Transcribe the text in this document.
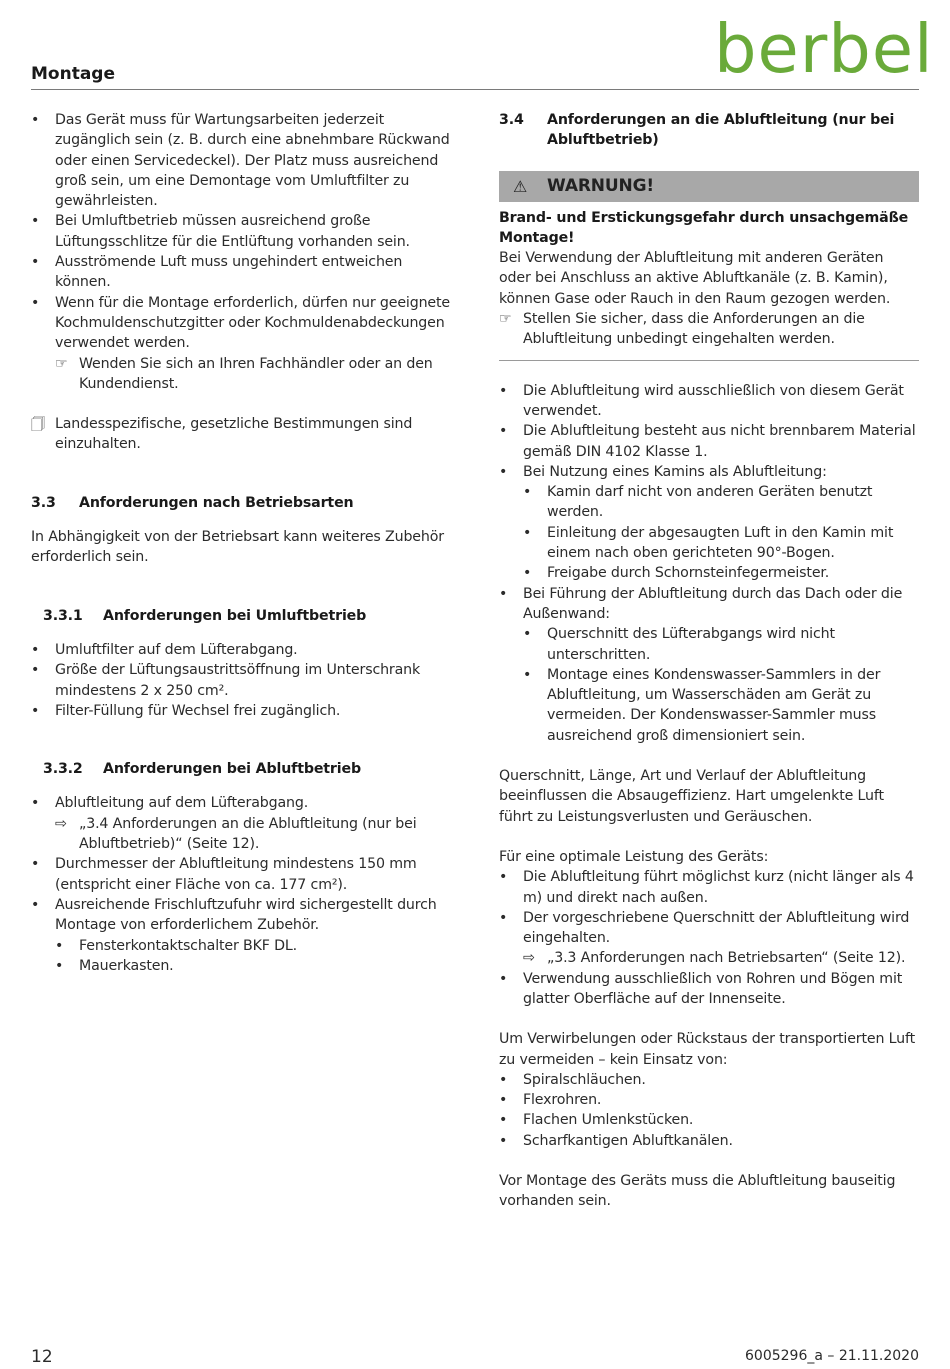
Montage	berbel
• Das Gerät muss für Wartungsarbeiten jederzeit zugänglich sein (z. B. durch eine abnehmbare Rückwand oder einen Servicedeckel). Der Platz muss ausreichend groß sein, um eine Demontage vom Umluftfilter zu gewährleisten.
• Bei Umluftbetrieb müssen ausreichend große Lüftungsschlitze für die Entlüftung vorhanden sein.
• Ausströmende Luft muss ungehindert entweichen können.
• Wenn für die Montage erforderlich, dürfen nur geeignete Kochmuldenschutzgitter oder Kochmuldenabdeckungen verwendet werden.
☞ Wenden Sie sich an Ihren Fachhändler oder an den Kundendienst.
🗍 Landesspezifische, gesetzliche Bestimmungen sind einzuhalten.
3.3 Anforderungen nach Betriebsarten

In Abhängigkeit von der Betriebsart kann weiteres Zubehör erforderlich sein.

3.3.1 Anforderungen bei Umluftbetrieb
• Umluftfilter auf dem Lüfterabgang.
• Größe der Lüftungsaustrittsöffnung im Unterschrank mindestens 2 x 250 cm².
• Filter-Füllung für Wechsel frei zugänglich.
3.3.2 Anforderungen bei Abluftbetrieb
• Abluftleitung auf dem Lüfterabgang.
⇨ „3.4 Anforderungen an die Abluftleitung (nur bei Abluftbetrieb)“ (Seite 12).
• Durchmesser der Abluftleitung mindestens 150 mm (entspricht einer Fläche von ca. 177 cm²).
• Ausreichende Frischluftzufuhr wird sichergestellt durch Montage von erforderlichem Zubehör.
• Fensterkontaktschalter BKF DL.
• Mauerkasten.
3.4	Anforderungen an die Abluftleitung (nur bei Abluftbetrieb)
⚠ WARNUNG!
Brand- und Erstickungsgefahr durch unsachgemäße Montage!
Bei Verwendung der Abluftleitung mit anderen Geräten oder bei Anschluss an aktive Abluftkanäle (z. B. Kamin), können Gase oder Rauch in den Raum gezogen werden.
☞ Stellen Sie sicher, dass die Anforderungen an die Abluftleitung unbedingt eingehalten werden.
• Die Abluftleitung wird ausschließlich von diesem Gerät verwendet.
• Die Abluftleitung besteht aus nicht brennbarem Material gemäß DIN 4102 Klasse 1.
• Bei Nutzung eines Kamins als Abluftleitung:
• Kamin darf nicht von anderen Geräten benutzt werden.
• Einleitung der abgesaugten Luft in den Kamin mit einem nach oben gerichteten 90°-Bogen.
• Freigabe durch Schornsteinfegermeister.
• Bei Führung der Abluftleitung durch das Dach oder die Außenwand:
• Querschnitt des Lüfterabgangs wird nicht unterschritten.
• Montage eines Kondenswasser-Sammlers in der Abluftleitung, um Wasserschäden am Gerät zu vermeiden. Der Kondenswasser-Sammler muss ausreichend groß dimensioniert sein.

Querschnitt, Länge, Art und Verlauf der Abluftleitung beeinflussen die Absaugeffizienz. Hart umgelenkte Luft führt zu Leistungsverlusten und Geräuschen.

Für eine optimale Leistung des Geräts:

• Die Abluftleitung führt möglichst kurz (nicht länger als 4 m) und direkt nach außen.
• Der vorgeschriebene Querschnitt der Abluftleitung wird eingehalten.
⇨ „3.3 Anforderungen nach Betriebsarten“ (Seite 12).
• Verwendung ausschließlich von Rohren und Bögen mit glatter Oberfläche auf der Innenseite.

Um Verwirbelungen oder Rückstaus der transportierten Luft zu vermeiden – kein Einsatz von:

• Spiralschläuchen.
• Flexrohren.
• Flachen Umlenkstücken.
• Scharfkantigen Abluftkanälen.

Vor Montage des Geräts muss die Abluftleitung bauseitig vorhanden sein.

12	6005296_a – 21.11.2020
